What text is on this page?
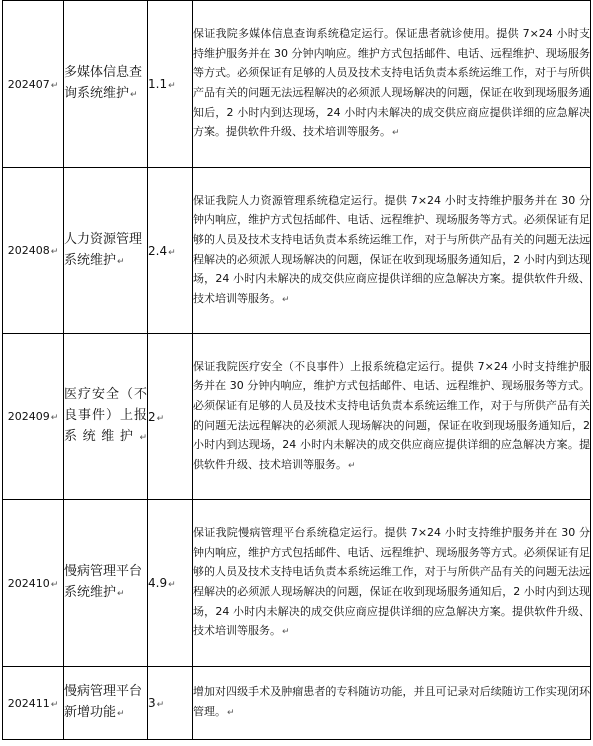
202407↵	多媒体信息查询系统维护↵	1.1↵	保证我院多媒体信息查询系统稳定运行。保证患者就诊使用。提供 7×24 小时支持维护服务并在 30 分钟内响应。维护方式包括邮件、电话、远程维护、现场服务等方式。必须保证有足够的人员及技术支持电话负责本系统运维工作，对于与所供产品有关的问题无法远程解决的必须派人现场解决的问题，保证在收到现场服务通知后，2 小时内到达现场，24 小时内未解决的成交供应商应提供详细的应急解决方案。提供软件升级、技术培训等服务。↵
202408↵	人力资源管理系统维护↵	2.4↵	保证我院人力资源管理系统稳定运行。提供 7×24 小时支持维护服务并在 30 分钟内响应，维护方式包括邮件、电话、远程维护、现场服务等方式。必须保证有足够的人员及技术支持电话负责本系统运维工作，对于与所供产品有关的问题无法远程解决的必须派人现场解决的问题，保证在收到现场服务通知后，2 小时内到达现场，24 小时内未解决的成交供应商应提供详细的应急解决方案。提供软件升级、技术培训等服务。↵
202409↵	医疗安全（不良事件）上报系统维护↵	2↵	保证我院医疗安全（不良事件）上报系统稳定运行。提供 7×24 小时支持维护服务并在 30 分钟内响应，维护方式包括邮件、电话、远程维护、现场服务等方式。必须保证有足够的人员及技术支持电话负责本系统运维工作，对于与所供产品有关的问题无法远程解决的必须派人现场解决的问题，保证在收到现场服务通知后，2 小时内到达现场，24 小时内未解决的成交供应商应提供详细的应急解决方案。提供软件升级、技术培训等服务。↵
202410↵	慢病管理平台系统维护↵	4.9↵	保证我院慢病管理平台系统稳定运行。提供 7×24 小时支持维护服务并在 30 分钟内响应，维护方式包括邮件、电话、远程维护、现场服务等方式。必须保证有足够的人员及技术支持电话负责本系统运维工作，对于与所供产品有关的问题无法远程解决的必须派人现场解决的问题，保证在收到现场服务通知后，2 小时内到达现场，24 小时内未解决的成交供应商应提供详细的应急解决方案。提供软件升级、技术培训等服务。↵
202411↵	慢病管理平台新增功能↵	3↵	增加对四级手术及肿瘤患者的专科随访功能，并且可记录对后续随访工作实现闭环管理。↵
